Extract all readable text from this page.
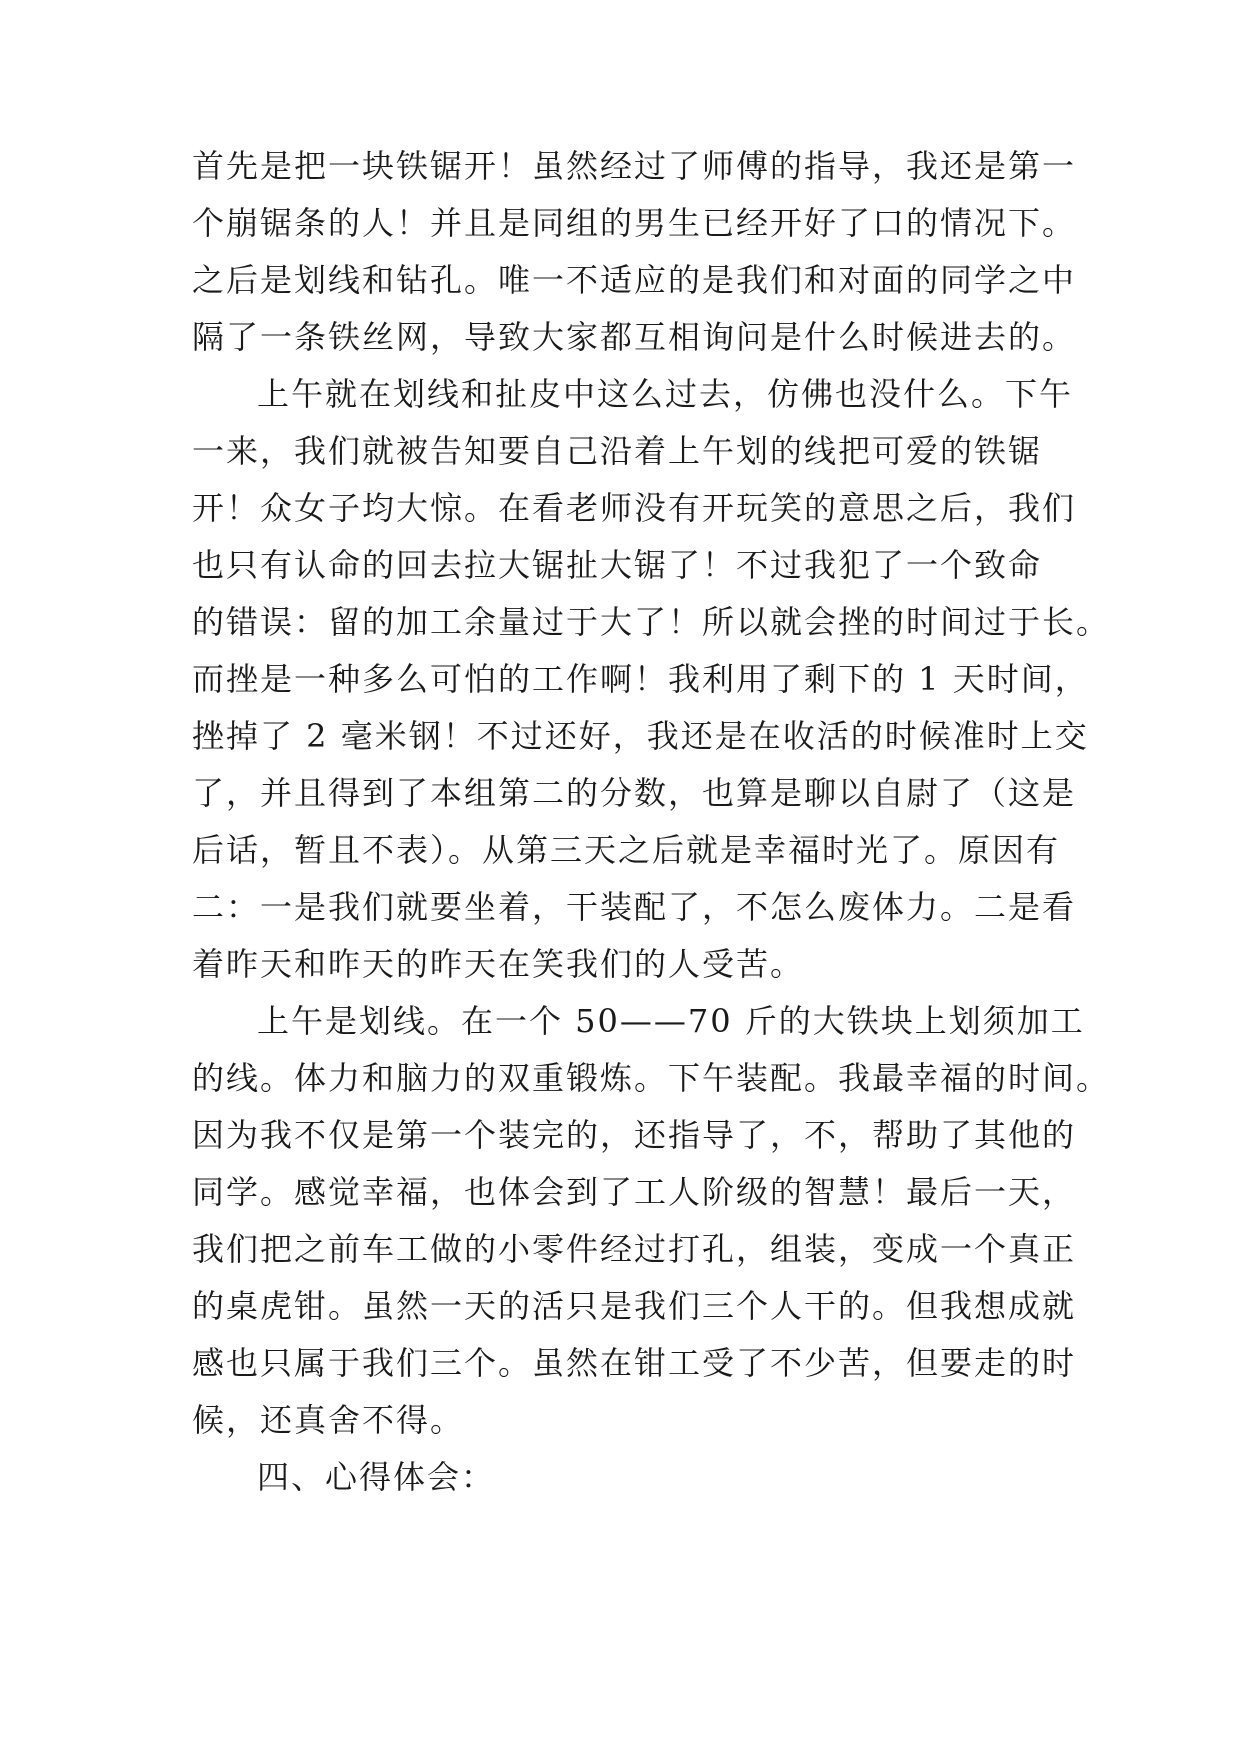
首先是把一块铁锯开！虽然经过了师傅的指导，我还是第一
个崩锯条的人！并且是同组的男生已经开好了口的情况下。
之后是划线和钻孔。唯一不适应的是我们和对面的同学之中
隔了一条铁丝网，导致大家都互相询问是什么时候进去的。
上午就在划线和扯皮中这么过去，仿佛也没什么。下午
一来，我们就被告知要自己沿着上午划的线把可爱的铁锯
开！众女子均大惊。在看老师没有开玩笑的意思之后，我们
也只有认命的回去拉大锯扯大锯了！不过我犯了一个致命
的错误：留的加工余量过于大了！所以就会挫的时间过于长。
而挫是一种多么可怕的工作啊！我利用了剩下的 1 天时间，
挫掉了 2 毫米钢！不过还好，我还是在收活的时候准时上交
了，并且得到了本组第二的分数，也算是聊以自尉了（这是
后话，暂且不表）。从第三天之后就是幸福时光了。原因有
二：一是我们就要坐着，干装配了，不怎么废体力。二是看
着昨天和昨天的昨天在笑我们的人受苦。
上午是划线。在一个 50——70 斤的大铁块上划须加工
的线。体力和脑力的双重锻炼。下午装配。我最幸福的时间。
因为我不仅是第一个装完的，还指导了，不，帮助了其他的
同学。感觉幸福，也体会到了工人阶级的智慧！最后一天，
我们把之前车工做的小零件经过打孔，组装，变成一个真正
的桌虎钳。虽然一天的活只是我们三个人干的。但我想成就
感也只属于我们三个。虽然在钳工受了不少苦，但要走的时
候，还真舍不得。
四、心得体会：
